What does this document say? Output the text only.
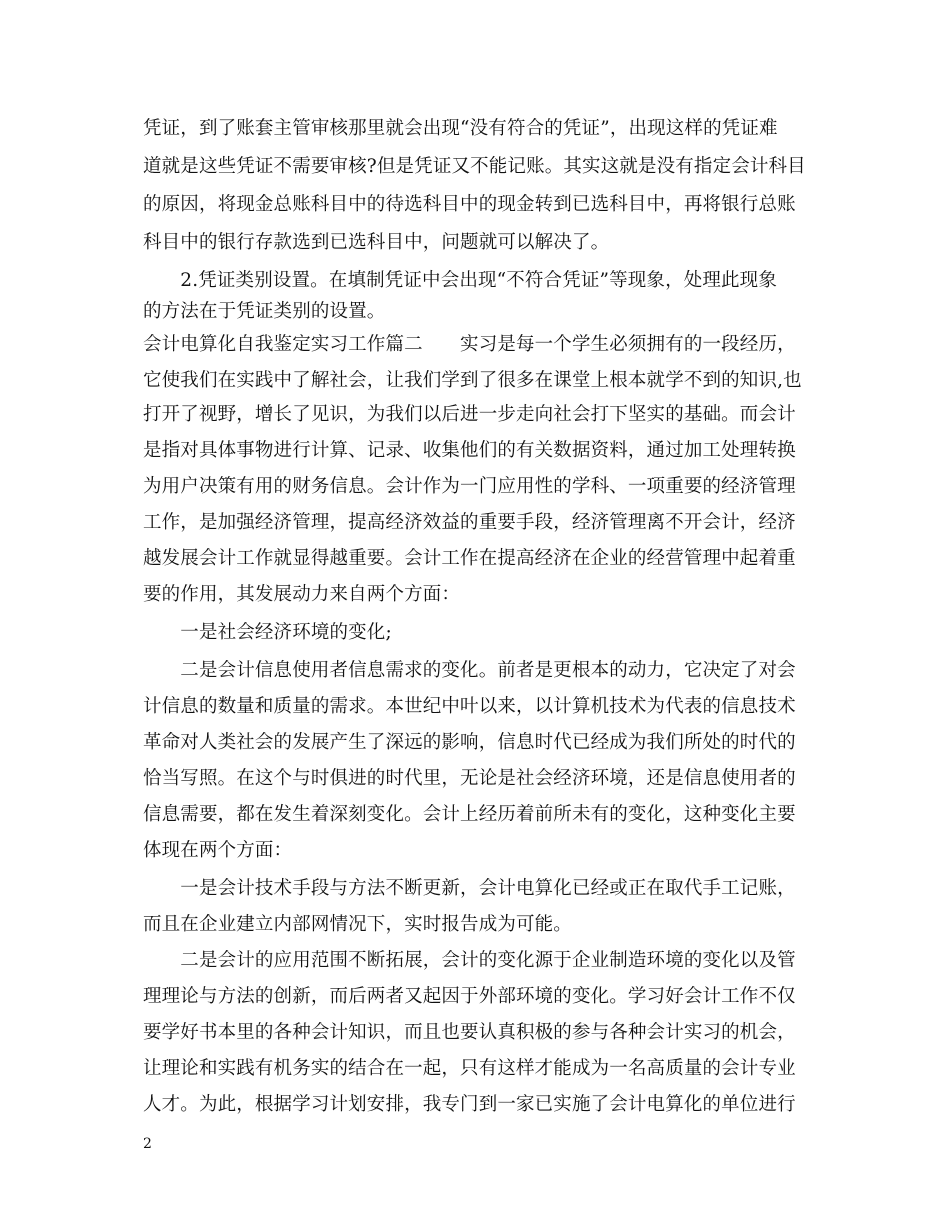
凭证，到了账套主管审核那里就会出现“没有符合的凭证”，出现这样的凭证难
道就是这些凭证不需要审核?但是凭证又不能记账。其实这就是没有指定会计科目
的原因，将现金总账科目中的待选科目中的现金转到已选科目中，再将银行总账
科目中的银行存款选到已选科目中，问题就可以解决了。
　　2.凭证类别设置。在填制凭证中会出现“不符合凭证”等现象，处理此现象
的方法在于凭证类别的设置。
会计电算化自我鉴定实习工作篇二　　实习是每一个学生必须拥有的一段经历，
它使我们在实践中了解社会，让我们学到了很多在课堂上根本就学不到的知识,也
打开了视野，增长了见识，为我们以后进一步走向社会打下坚实的基础。而会计
是指对具体事物进行计算、记录、收集他们的有关数据资料，通过加工处理转换
为用户决策有用的财务信息。会计作为一门应用性的学科、一项重要的经济管理
工作，是加强经济管理，提高经济效益的重要手段，经济管理离不开会计，经济
越发展会计工作就显得越重要。会计工作在提高经济在企业的经营管理中起着重
要的作用，其发展动力来自两个方面：
　　一是社会经济环境的变化;
　　二是会计信息使用者信息需求的变化。前者是更根本的动力，它决定了对会
计信息的数量和质量的需求。本世纪中叶以来，以计算机技术为代表的信息技术
革命对人类社会的发展产生了深远的影响，信息时代已经成为我们所处的时代的
恰当写照。在这个与时俱进的时代里，无论是社会经济环境，还是信息使用者的
信息需要，都在发生着深刻变化。会计上经历着前所未有的变化，这种变化主要
体现在两个方面：
　　一是会计技术手段与方法不断更新，会计电算化已经或正在取代手工记账，
而且在企业建立内部网情况下，实时报告成为可能。
　　二是会计的应用范围不断拓展，会计的变化源于企业制造环境的变化以及管
理理论与方法的创新，而后两者又起因于外部环境的变化。学习好会计工作不仅
要学好书本里的各种会计知识，而且也要认真积极的参与各种会计实习的机会，
让理论和实践有机务实的结合在一起，只有这样才能成为一名高质量的会计专业
人才。为此，根据学习计划安排，我专门到一家已实施了会计电算化的单位进行
2
